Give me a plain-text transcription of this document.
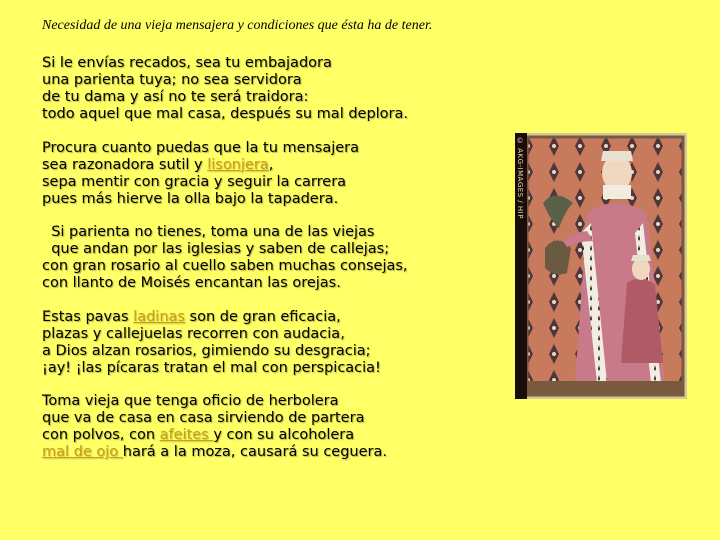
Necesidad de una vieja mensajera y condiciones que ésta ha de tener.
Si le envías recados, sea tu embajadora
una parienta tuya; no sea servidora
de tu dama y así no te será traidora:
todo aquel que mal casa, después su mal deplora.
Procura cuanto puedas que la tu mensajera
sea razonadora sutil y lisonjera,
sepa mentir con gracia y seguir la carrera
pues más hierve la olla bajo la tapadera.
Si parienta no tienes, toma una de las viejas
que andan por las iglesias y saben de callejas;
con gran rosario al cuello saben muchas consejas,
con llanto de Moisés encantan las orejas.
Estas pavas ladinas son de gran eficacia,
plazas y callejuelas recorren con audacia,
a Dios alzan rosarios, gimiendo su desgracia;
¡ay! ¡las pícaras tratan el mal con perspicacia!
Toma vieja que tenga oficio de herbolera
que va de casa en casa sirviendo de partera
con polvos, con afeites y con su alcoholera
mal de ojo hará a la moza, causará su ceguera.
© AKG-IMAGES / HIP
